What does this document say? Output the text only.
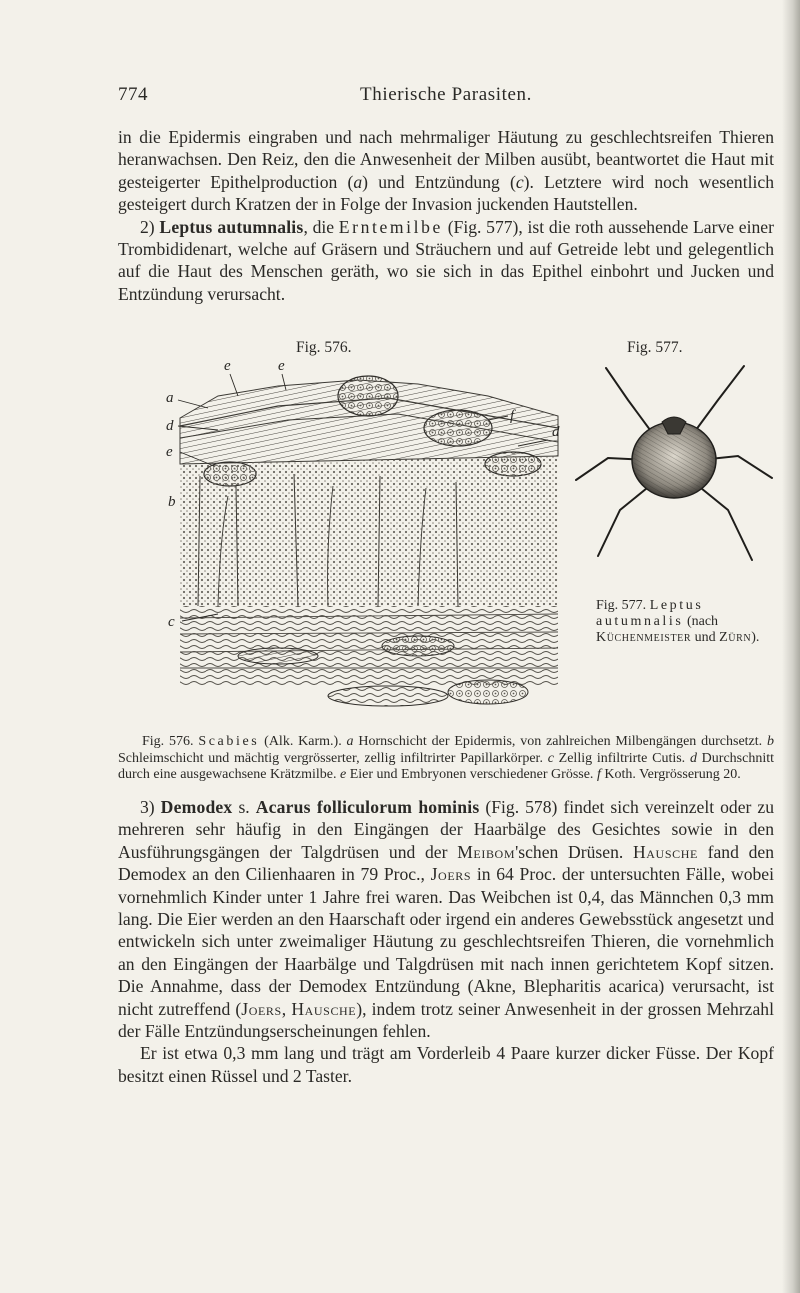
774	Thierische Parasiten.

in die Epidermis eingraben und nach mehrmaliger Häutung zu geschlechtsreifen Thieren heranwachsen. Den Reiz, den die Anwesenheit der Milben ausübt, beantwortet die Haut mit gesteigerter Epithelproduction (a) und Entzündung (c). Letztere wird noch wesentlich gesteigert durch Kratzen der in Folge der Invasion juckenden Hautstellen.

2) Leptus autumnalis, die Erntemilbe (Fig. 577), ist die roth aussehende Larve einer Trombididenart, welche auf Gräsern und Sträuchern und auf Getreide lebt und gelegentlich auf die Haut des Menschen geräth, wo sie sich in das Epithel einbohrt und Jucken und Entzündung verursacht.

Fig. 576.	Fig. 577.
e	e
a
d
e
b
c
f
d
Fig. 577. Leptus autumnalis (nach Küchenmeister und Zürn).

Fig. 576. Scabies (Alk. Karm.). a Hornschicht der Epidermis, von zahlreichen Milbengängen durchsetzt. b Schleimschicht und mächtig vergrösserter, zellig infiltrirter Papillarkörper. c Zellig infiltrirte Cutis. d Durchschnitt durch eine ausgewachsene Krätzmilbe. e Eier und Embryonen verschiedener Grösse. f Koth. Vergrösserung 20.

3) Demodex s. Acarus folliculorum hominis (Fig. 578) findet sich vereinzelt oder zu mehreren sehr häufig in den Eingängen der Haarbälge des Gesichtes sowie in den Ausführungsgängen der Talgdrüsen und der Meibom'schen Drüsen. Hausche fand den Demodex an den Cilienhaaren in 79 Proc., Joers in 64 Proc. der untersuchten Fälle, wobei vornehmlich Kinder unter 1 Jahre frei waren. Das Weibchen ist 0,4, das Männchen 0,3 mm lang. Die Eier werden an den Haarschaft oder irgend ein anderes Gewebsstück angesetzt und entwickeln sich unter zweimaliger Häutung zu geschlechtsreifen Thieren, die vornehmlich an den Eingängen der Haarbälge und Talgdrüsen mit nach innen gerichtetem Kopf sitzen. Die Annahme, dass der Demodex Entzündung (Akne, Blepharitis acarica) verursacht, ist nicht zutreffend (Joers, Hausche), indem trotz seiner Anwesenheit in der grossen Mehrzahl der Fälle Entzündungserscheinungen fehlen.

Er ist etwa 0,3 mm lang und trägt am Vorderleib 4 Paare kurzer dicker Füsse. Der Kopf besitzt einen Rüssel und 2 Taster.
